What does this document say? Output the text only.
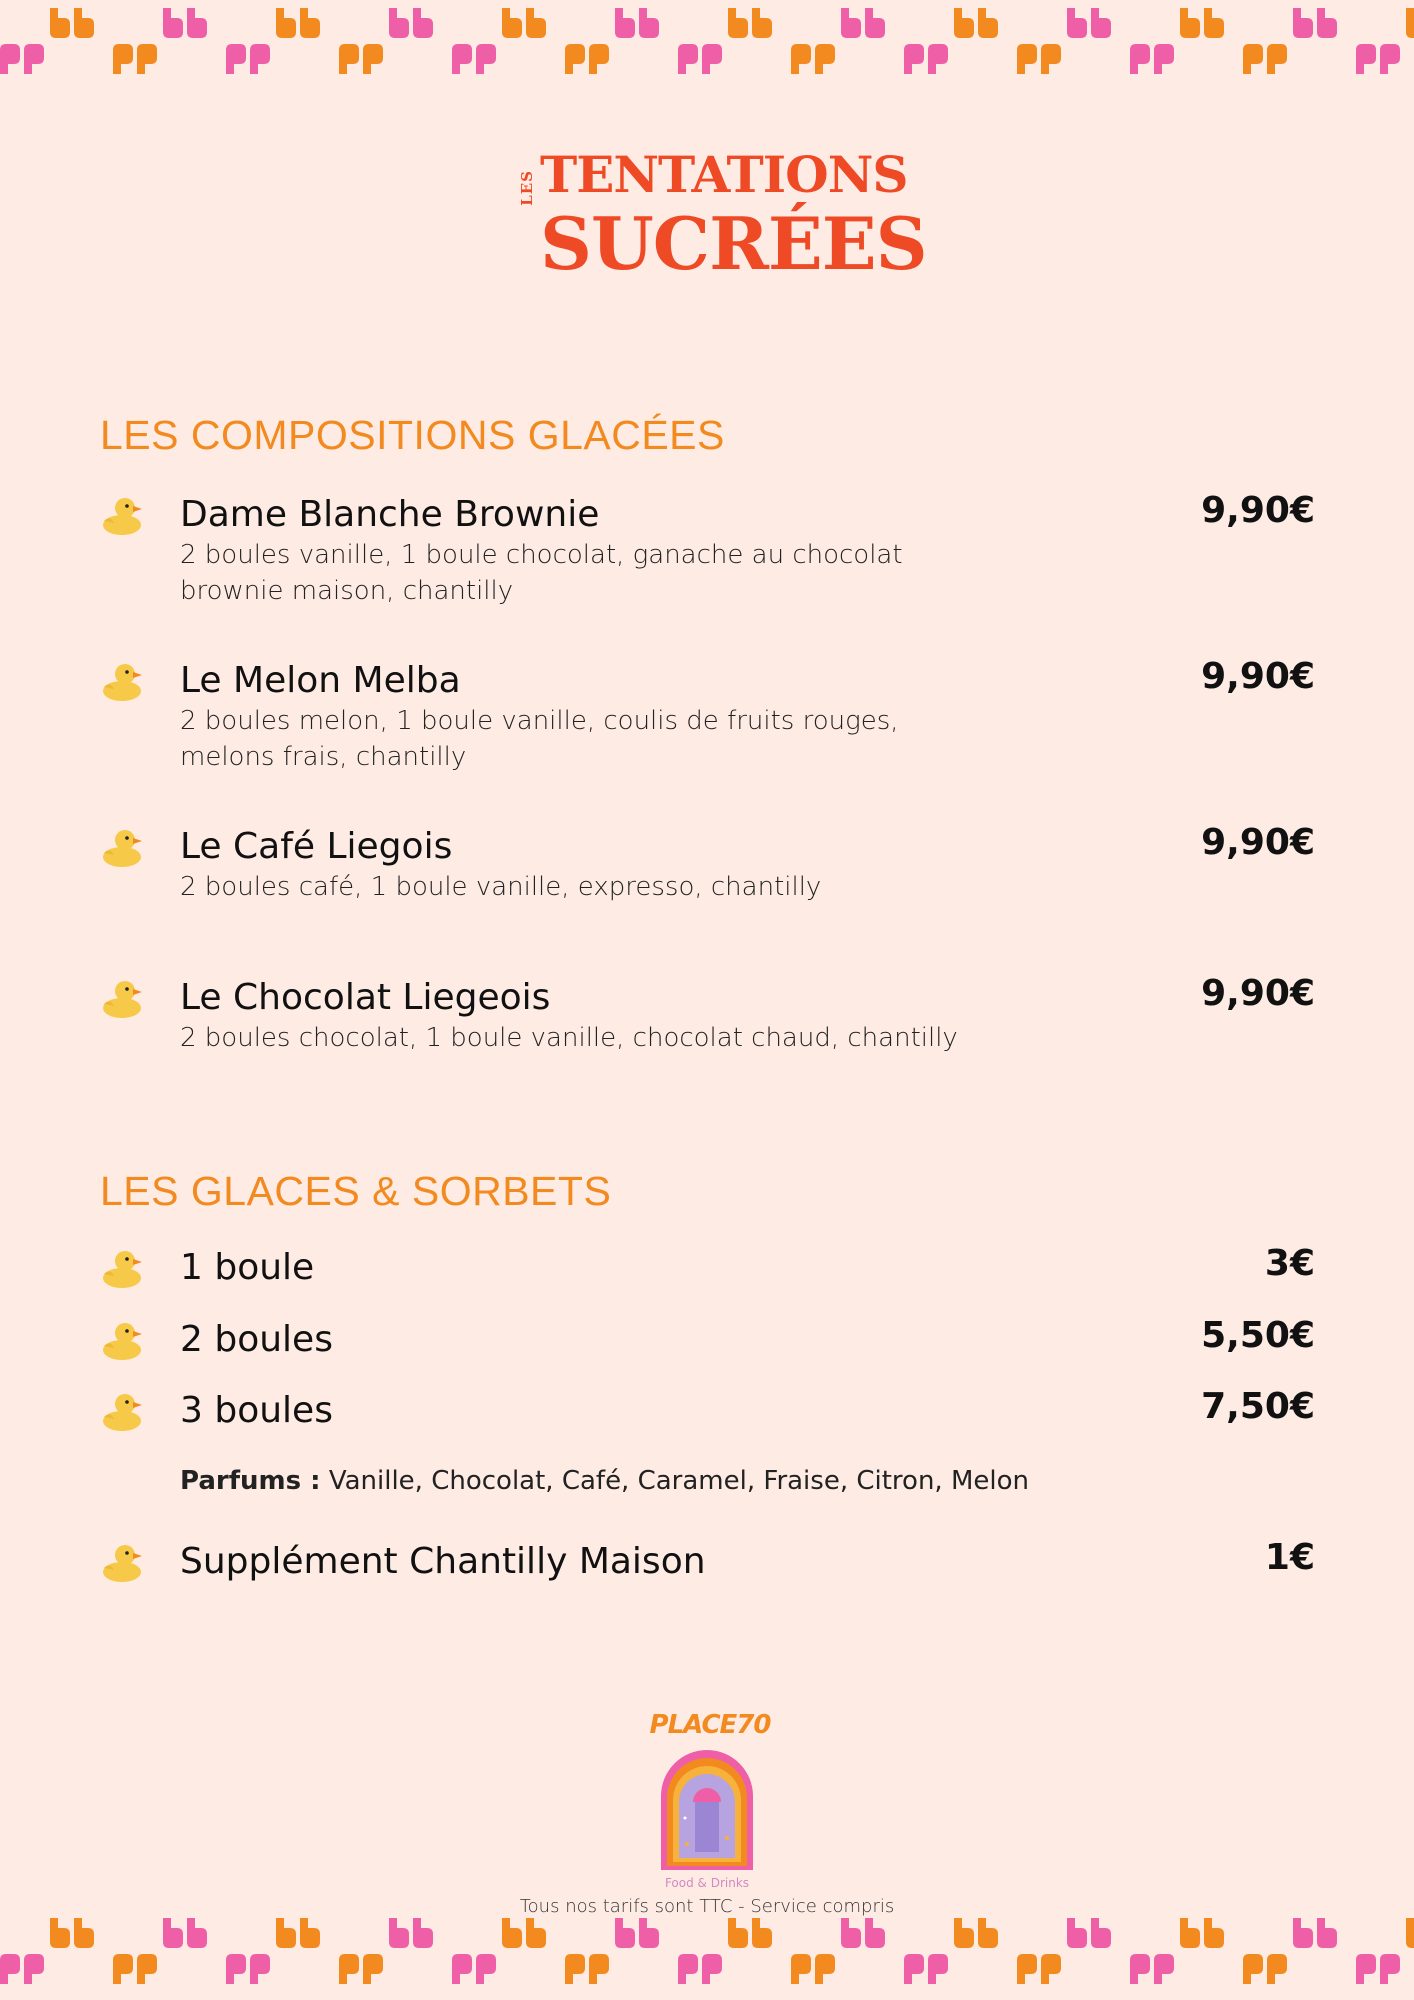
LES TENTATIONS
SUCRÉES
LES COMPOSITIONS GLACÉES
Dame Blanche Brownie
2 boules vanille, 1 boule chocolat, ganache au chocolat
brownie maison, chantilly
9,90€
Le Melon Melba
2 boules melon, 1 boule vanille, coulis de fruits rouges,
melons frais, chantilly
9,90€
Le Café Liegois
2 boules café, 1 boule vanille, expresso, chantilly
9,90€
Le Chocolat Liegeois
2 boules chocolat, 1 boule vanille, chocolat chaud, chantilly
9,90€
LES GLACES & SORBETS
1 boule	3€
2 boules	5,50€
3 boules	7,50€
Parfums : Vanille, Chocolat, Café, Caramel, Fraise, Citron, Melon
Supplément Chantilly Maison	1€
PLACE70
Food & Drinks
Tous nos tarifs sont TTC - Service compris
